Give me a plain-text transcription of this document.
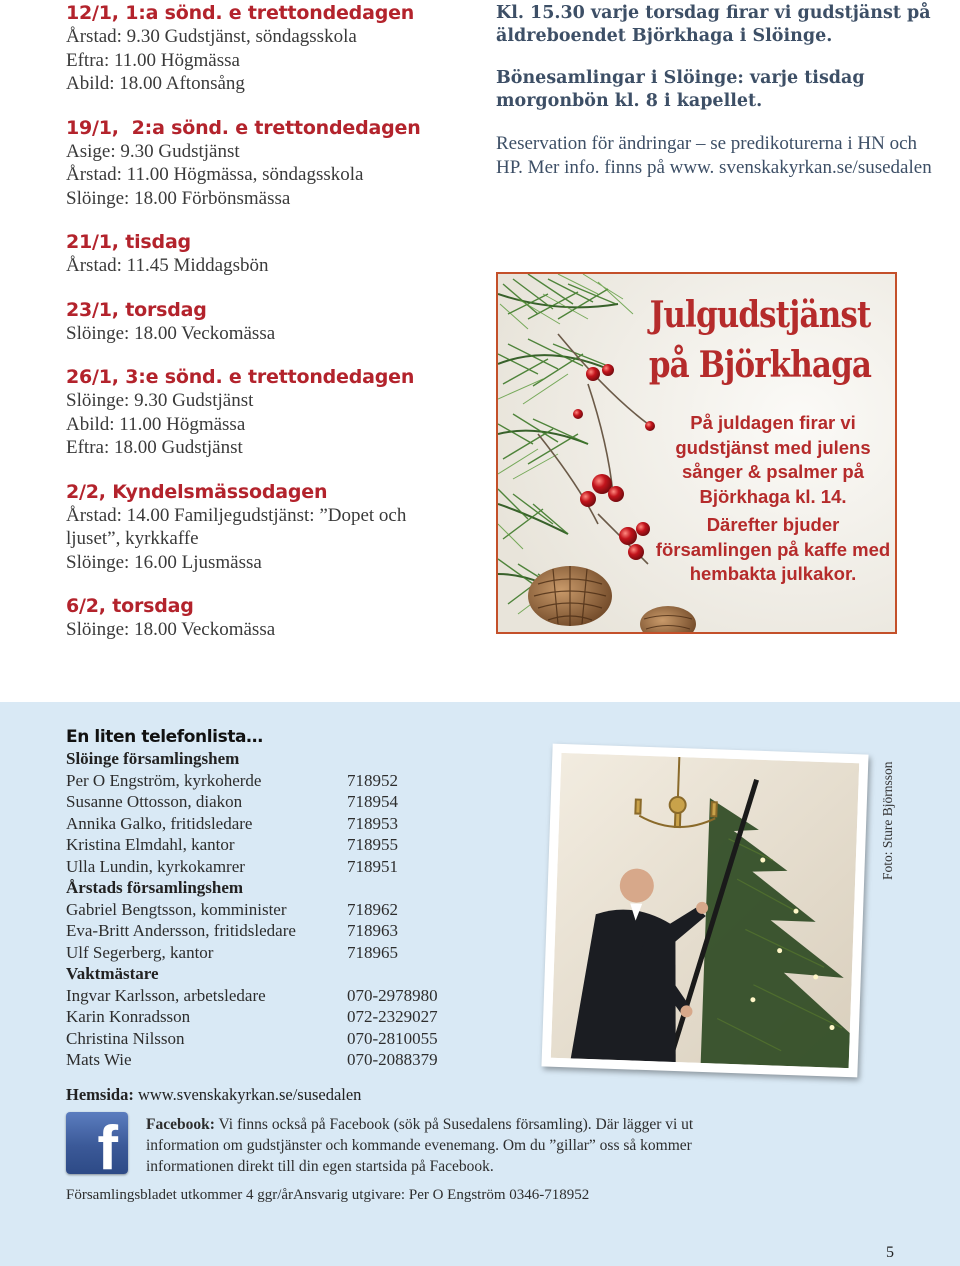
12/1, 1:a sönd. e trettondedagen
Årstad: 9.30 Gudstjänst, söndagsskola
Eftra: 11.00 Högmässa
Abild: 18.00 Aftonsång
19/1,  2:a sönd. e trettondedagen
Asige: 9.30 Gudstjänst
Årstad: 11.00 Högmässa, söndagsskola
Slöinge: 18.00 Förbönsmässa
21/1, tisdag
Årstad: 11.45 Middagsbön
23/1, torsdag
Slöinge: 18.00 Veckomässa
26/1, 3:e sönd. e trettondedagen
Slöinge: 9.30 Gudstjänst
Abild: 11.00 Högmässa
Eftra: 18.00 Gudstjänst
2/2, Kyndelsmässodagen
Årstad: 14.00 Familjegudstjänst: ”Dopet och ljuset”, kyrkkaffe
Slöinge: 16.00 Ljusmässa
6/2, torsdag
Slöinge: 18.00 Veckomässa

Kl. 15.30 varje torsdag firar vi gudstjänst på äldreboendet Björkhaga i Slöinge.

Bönesamlingar i Slöinge: varje tisdag morgonbön kl. 8 i kapellet.

Reservation för ändringar – se predikoturerna i HN och HP. Mer info. finns på www. svenskakyrkan.se/susedalen

Julgudstjänst
på Björkhaga

På juldagen firar vi gudstjänst med julens sånger & psalmer på Björkhaga kl. 14.

Därefter bjuder församlingen på kaffe med hembakta julkakor.

En liten telefonlista…
Slöinge församlingshem
Per O Engström, kyrkoherde	718952
Susanne Ottosson, diakon	718954
Annika Galko, fritidsledare	718953
Kristina Elmdahl, kantor	718955
Ulla Lundin, kyrkokamrer	718951
Årstads församlingshem
Gabriel Bengtsson, komminister	718962
Eva-Britt Andersson, fritidsledare	718963
Ulf Segerberg, kantor	718965
Vaktmästare
Ingvar Karlsson, arbetsledare	070-2978980
Karin Konradsson	072-2329027
Christina Nilsson	070-2810055
Mats Wie	070-2088379
Hemsida: www.svenskakyrkan.se/susedalen
f Facebook: Vi finns också på Facebook (sök på Susedalens församling). Där lägger vi ut information om gudstjänster och kommande evenemang. Om du ”gillar” oss så kommer informationen direkt till din egen startsida på Facebook.
Församlingsbladet utkommer 4 ggr/årAnsvarig utgivare: Per O Engström 0346-718952
Foto: Sture Björnsson
5
